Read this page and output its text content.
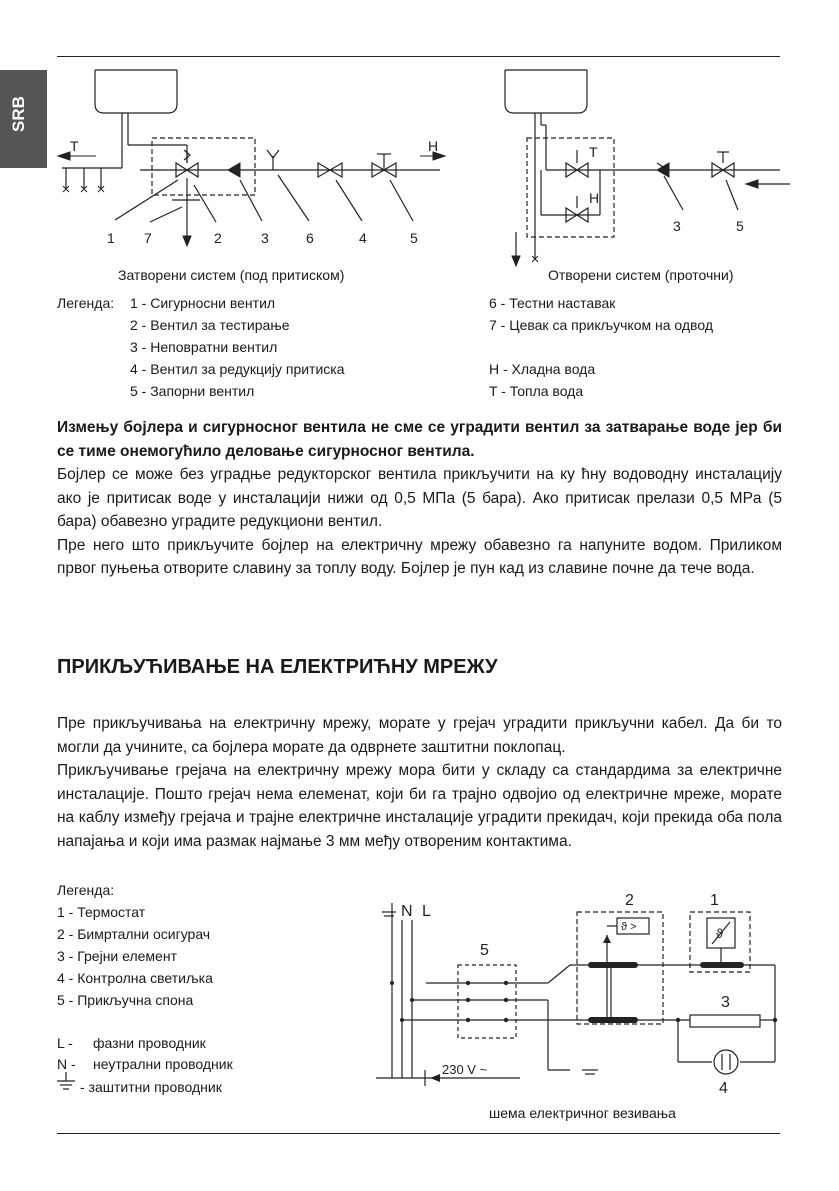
SRB
T	H
1 7	2	3	6	4	5
T
H
3	5
Затворени систем (под притиском)	Отворени систем (проточни)
Легенда: 1 - Сигурносни вентил
2 - Вентил за тестирање
3 - Неповратни вентил
4 - Вентил за редукцију притиска
5 - Запорни вентил
6 - Тестни наставак
7 - Цевак са прикључком на одвод
H - Хладна вода
T - Топла вода

Измењу бојлера и сигурносног вентила не сме се уградити вентил за затварање воде јер би се тиме онемогућило деловање сигурносног вентила.

Бојлер се може без уградње редукторског вентила прикључити на ку ћну водоводну инсталацију ако је притисак воде у инсталацији нижи од 0,5 МПа (5 бара). Ако притисак прелази 0,5 MPa (5 бара) обавезно уградите редукциони вентил.

Пре него што прикључите бојлер на електричну мрежу обавезно га напуните водом. Приликом првог пуњења отворите славину за топлу воду. Бојлер је пун кад из славине почне да тече вода.

ПРИКЉУЋИВАЊЕ НА ЕЛЕКТРИЋНУ МРЕЖУ

Пре прикључивања на електричну мрежу, морате у грејач уградити прикључни кабел. Да би то могли да учините, са бојлера морате да одврнете заштитни поклопац.

Прикључивање грејача на електричну мрежу мора бити у складу са стандардима за електричне инсталације. Пошто грејач нема елеменат, који би га трајно одвојио од електричне мреже, морате на каблу између грејача и трајне електричне инсталације уградити прекидач, који прекида оба пола напајања и који има размак најмање 3 мм међу отвореним контактима.

Легенда:
1 - Термостат
2 - Бимртални осигурач
3 - Грејни елемент
4 - Контролна светиљка
5 - Прикључна спона
L - фазни проводник
N - неутрални проводник
- заштитни проводник
N L
5
2	1
3
4
ϑ >	ϑ
230 V ~
шема електричног везивања
